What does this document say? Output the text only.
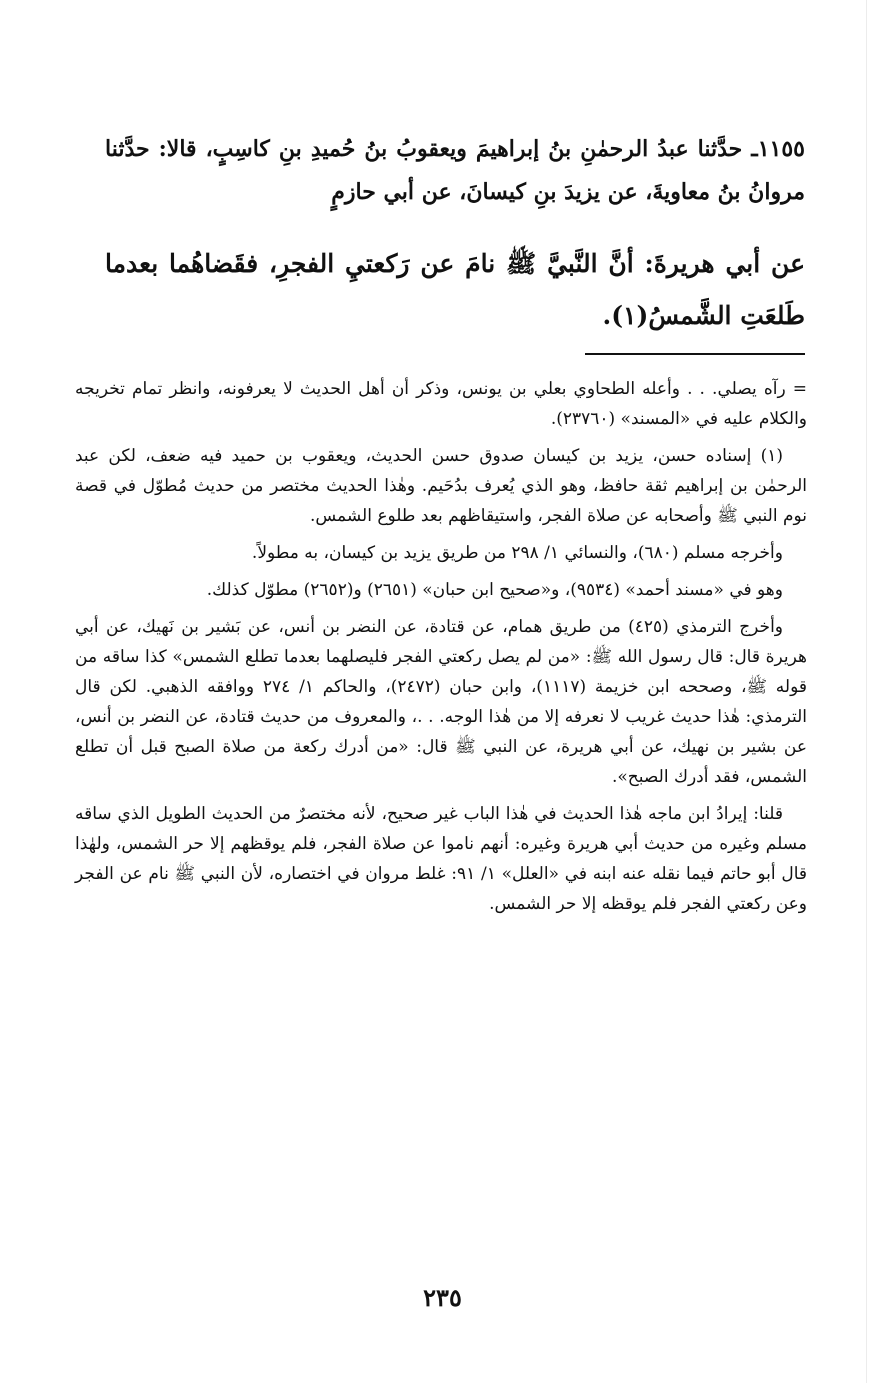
١١٥٥ـ حدَّثنا عبدُ الرحمٰنِ بنُ إبراهيمَ ويعقوبُ بنُ حُميدِ بنِ كاسِبٍ، قالا: حدَّثنا مروانُ بنُ معاويةَ، عن يزيدَ بنِ كيسانَ، عن أبي حازمٍ
عن أبي هريرةَ: أنَّ النَّبيَّ ﷺ نامَ عن رَكعتيِ الفجرِ، فقَضاهُما بعدما طَلعَتِ الشَّمسُ(١).

= رآه يصلي. . . وأعله الطحاوي بعلي بن يونس، وذكر أن أهل الحديث لا يعرفونه، وانظر تمام تخريجه والكلام عليه في «المسند» (٢٣٧٦٠).

(١) إسناده حسن، يزيد بن كيسان صدوق حسن الحديث، ويعقوب بن حميد فيه ضعف، لكن عبد الرحمٰن بن إبراهيم ثقة حافظ، وهو الذي يُعرف بدُحَيم. وهٰذا الحديث مختصر من حديث مُطوّل في قصة نوم النبي ﷺ وأصحابه عن صلاة الفجر، واستيقاظهم بعد طلوع الشمس.

وأخرجه مسلم (٦٨٠)، والنسائي ١/ ٢٩٨ من طريق يزيد بن كيسان، به مطولاً.

وهو في «مسند أحمد» (٩٥٣٤)، و«صحيح ابن حبان» (٢٦٥١) و(٢٦٥٢) مطوّل كذلك.

وأخرج الترمذي (٤٢٥) من طريق همام، عن قتادة، عن النضر بن أنس، عن بَشير بن نَهيك، عن أبي هريرة قال: قال رسول الله ﷺ: «من لم يصل ركعتي الفجر فليصلهما بعدما تطلع الشمس» كذا ساقه من قوله ﷺ، وصححه ابن خزيمة (١١١٧)، وابن حبان (٢٤٧٢)، والحاكم ١/ ٢٧٤ ووافقه الذهبي. لكن قال الترمذي: هٰذا حديث غريب لا نعرفه إلا من هٰذا الوجه. . .، والمعروف من حديث قتادة، عن النضر بن أنس، عن بشير بن نهيك، عن أبي هريرة، عن النبي ﷺ قال: «من أدرك ركعة من صلاة الصبح قبل أن تطلع الشمس، فقد أدرك الصبح».

قلنا: إيرادُ ابن ماجه هٰذا الحديث في هٰذا الباب غير صحيح، لأنه مختصرٌ من الحديث الطويل الذي ساقه مسلم وغيره من حديث أبي هريرة وغيره: أنهم ناموا عن صلاة الفجر، فلم يوقظهم إلا حر الشمس، ولهٰذا قال أبو حاتم فيما نقله عنه ابنه في «العلل» ١/ ٩١: غلط مروان في اختصاره، لأن النبي ﷺ نام عن الفجر وعن ركعتي الفجر فلم يوقظه إلا حر الشمس.

٢٣٥
